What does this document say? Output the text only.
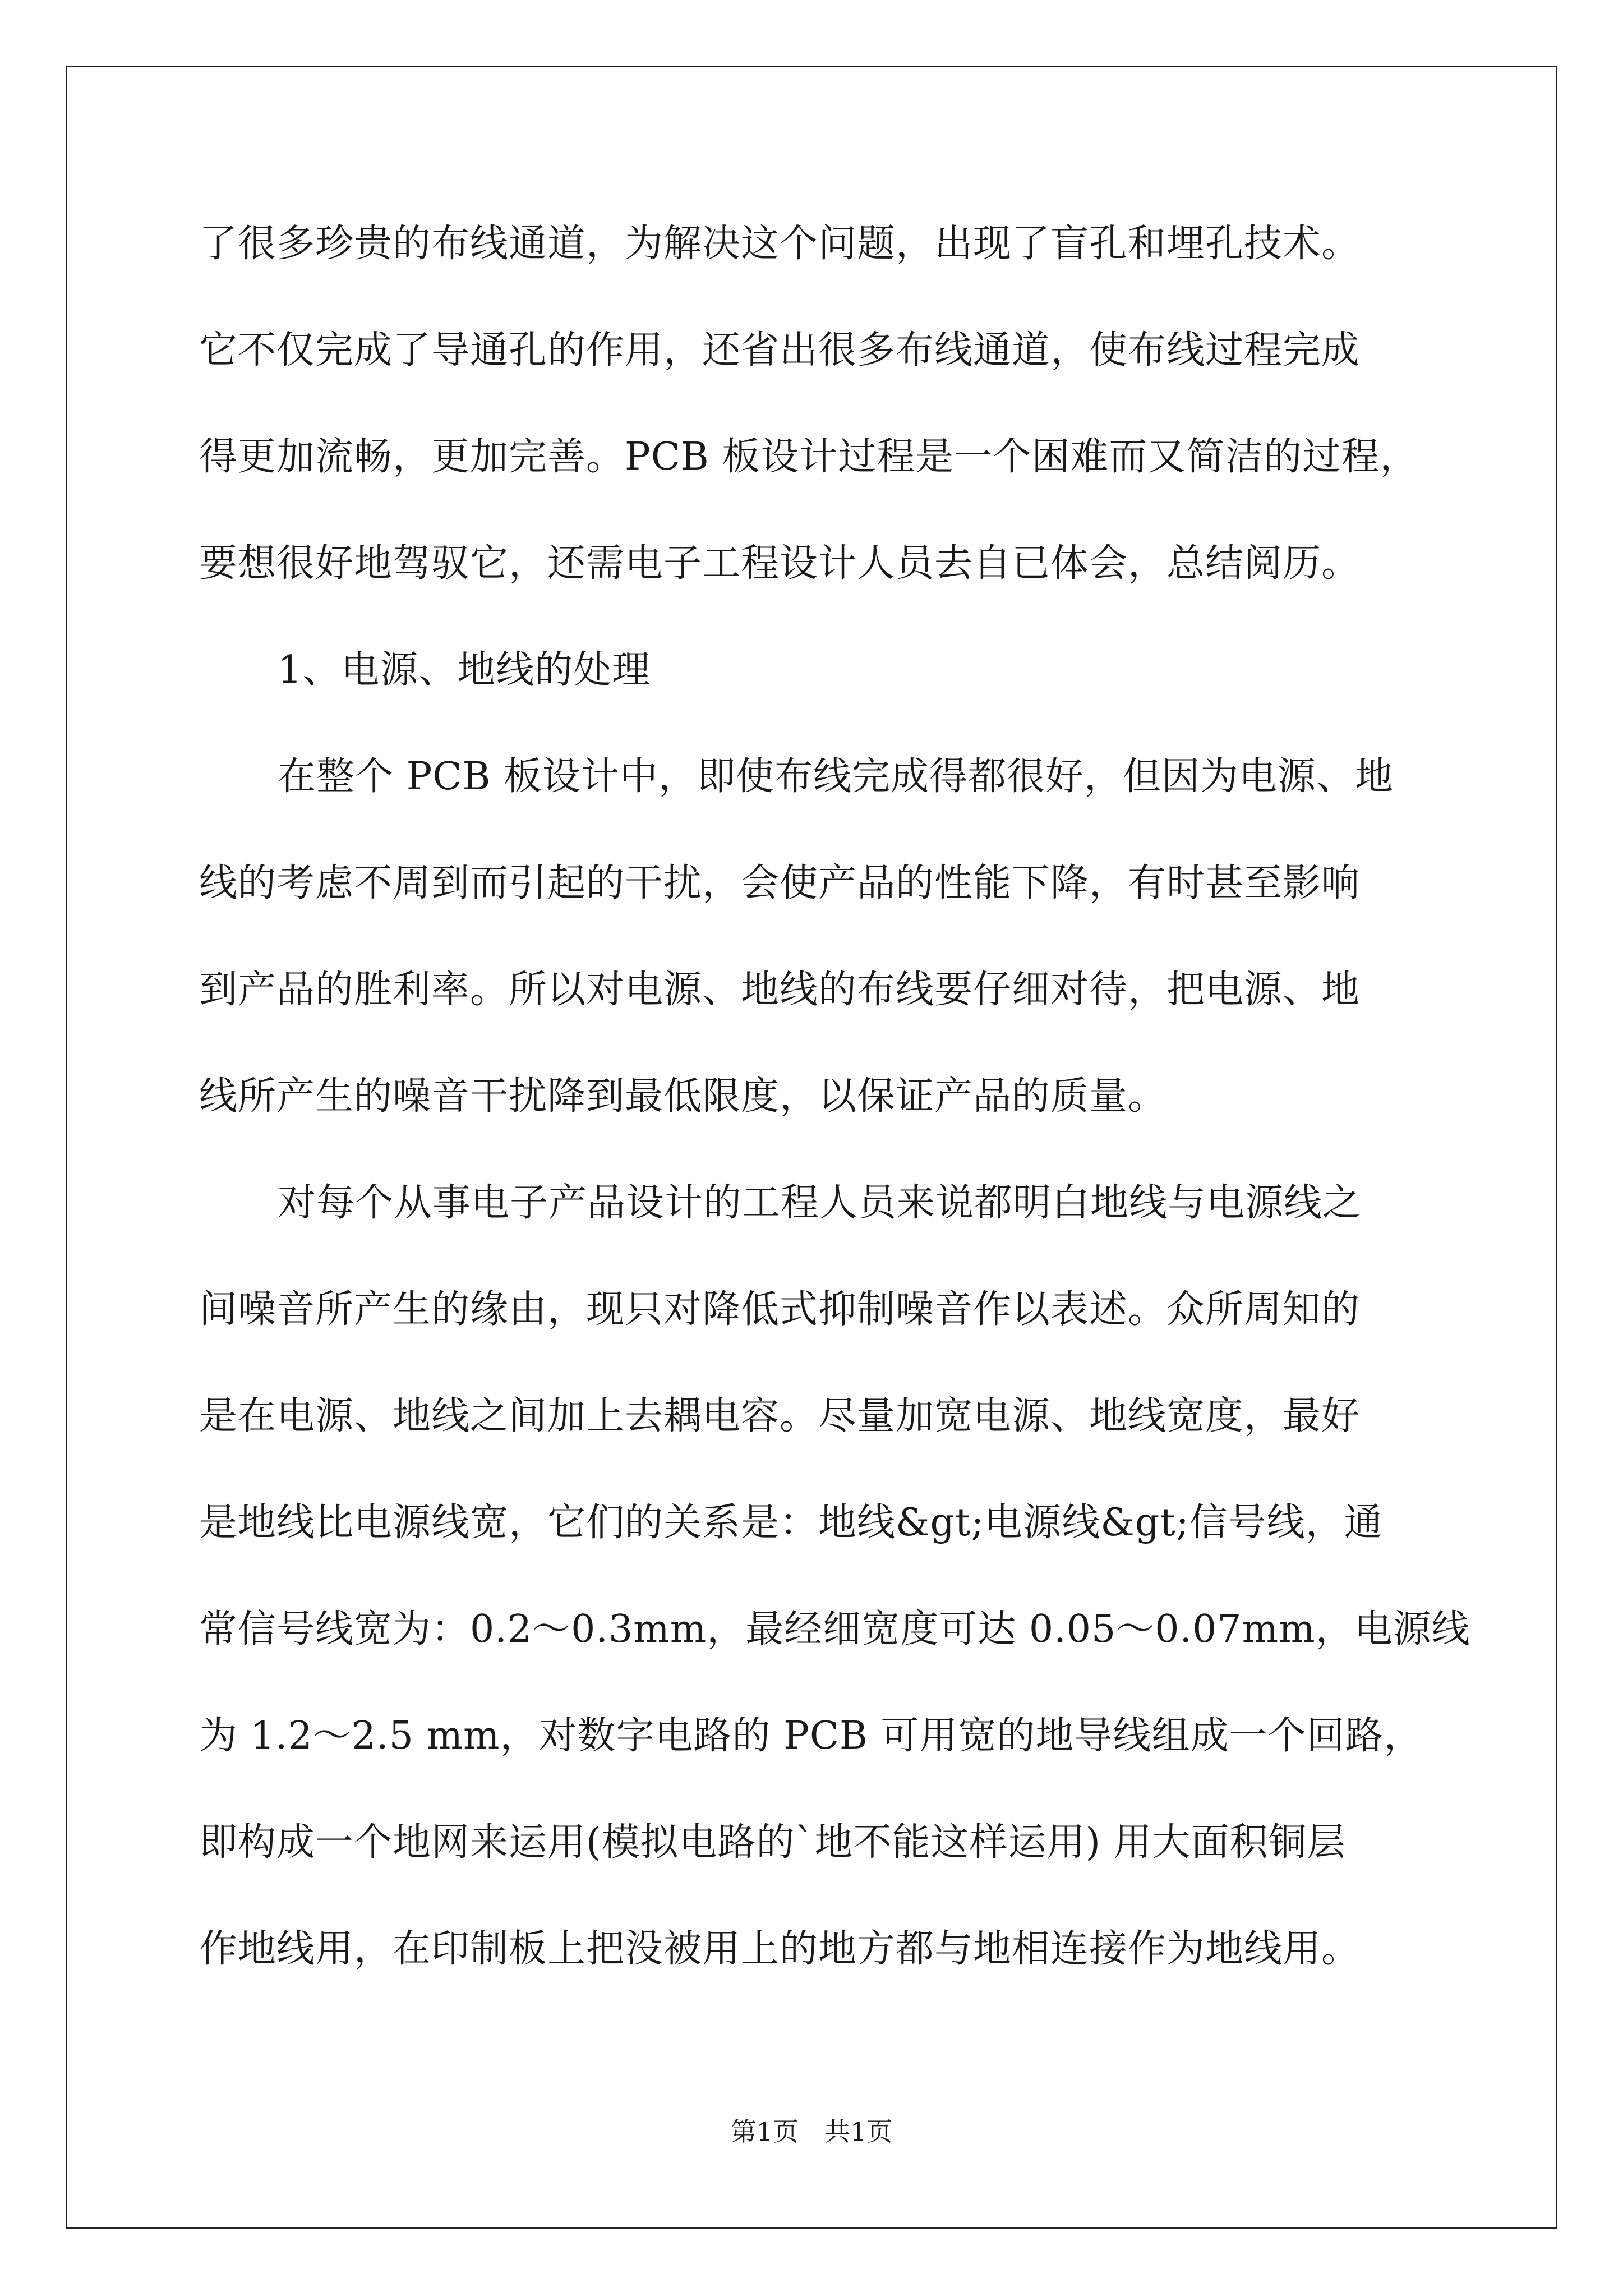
了很多珍贵的布线通道，为解决这个问题，出现了盲孔和埋孔技术。
它不仅完成了导通孔的作用，还省出很多布线通道，使布线过程完成
得更加流畅，更加完善。PCB 板设计过程是一个困难而又简洁的过程，
要想很好地驾驭它，还需电子工程设计人员去自已体会，总结阅历。
1、电源、地线的处理
在整个 PCB 板设计中，即使布线完成得都很好，但因为电源、地
线的考虑不周到而引起的干扰，会使产品的性能下降，有时甚至影响
到产品的胜利率。所以对电源、地线的布线要仔细对待，把电源、地
线所产生的噪音干扰降到最低限度，以保证产品的质量。
对每个从事电子产品设计的工程人员来说都明白地线与电源线之
间噪音所产生的缘由，现只对降低式抑制噪音作以表述。众所周知的
是在电源、地线之间加上去耦电容。尽量加宽电源、地线宽度，最好
是地线比电源线宽，它们的关系是：地线&gt;电源线&gt;信号线，通
常信号线宽为：0.2～0.3mm，最经细宽度可达 0.05～0.07mm，电源线
为 1.2～2.5 mm，对数字电路的 PCB 可用宽的地导线组成一个回路，
即构成一个地网来运用(模拟电路的`地不能这样运用) 用大面积铜层
作地线用，在印制板上把没被用上的地方都与地相连接作为地线用。
第1页 共1页
